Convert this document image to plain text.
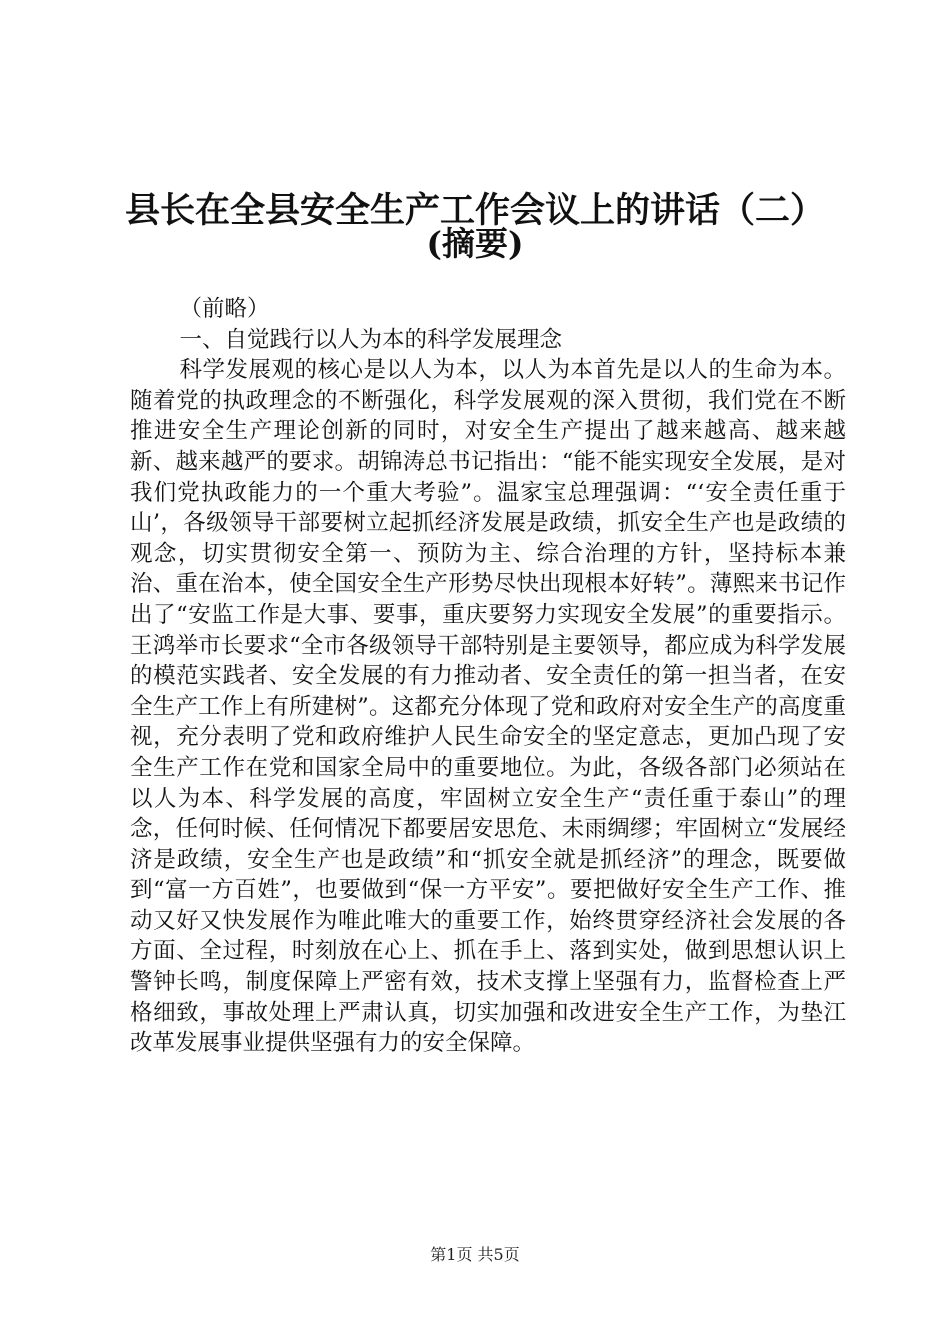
县长在全县安全生产工作会议上的讲话（二）
(摘要)

（前略）

一、自觉践行以人为本的科学发展理念

科学发展观的核心是以人为本，以人为本首先是以人的生命为本。随着党的执政理念的不断强化，科学发展观的深入贯彻，我们党在不断推进安全生产理论创新的同时，对安全生产提出了越来越高、越来越新、越来越严的要求。胡锦涛总书记指出：“能不能实现安全发展，是对我们党执政能力的一个重大考验”。温家宝总理强调：“‘安全责任重于山’，各级领导干部要树立起抓经济发展是政绩，抓安全生产也是政绩的观念，切实贯彻安全第一、预防为主、综合治理的方针，坚持标本兼治、重在治本，使全国安全生产形势尽快出现根本好转”。薄熙来书记作出了“安监工作是大事、要事，重庆要努力实现安全发展”的重要指示。王鸿举市长要求“全市各级领导干部特别是主要领导，都应成为科学发展的模范实践者、安全发展的有力推动者、安全责任的第一担当者，在安全生产工作上有所建树”。这都充分体现了党和政府对安全生产的高度重视，充分表明了党和政府维护人民生命安全的坚定意志，更加凸现了安全生产工作在党和国家全局中的重要地位。为此，各级各部门必须站在以人为本、科学发展的高度，牢固树立安全生产“责任重于泰山”的理念，任何时候、任何情况下都要居安思危、未雨绸缪；牢固树立“发展经济是政绩，安全生产也是政绩”和“抓安全就是抓经济”的理念，既要做到“富一方百姓”，也要做到“保一方平安”。要把做好安全生产工作、推动又好又快发展作为唯此唯大的重要工作，始终贯穿经济社会发展的各方面、全过程，时刻放在心上、抓在手上、落到实处，做到思想认识上警钟长鸣，制度保障上严密有效，技术支撑上坚强有力，监督检查上严格细致，事故处理上严肃认真，切实加强和改进安全生产工作，为垫江改革发展事业提供坚强有力的安全保障。

第1页 共5页
